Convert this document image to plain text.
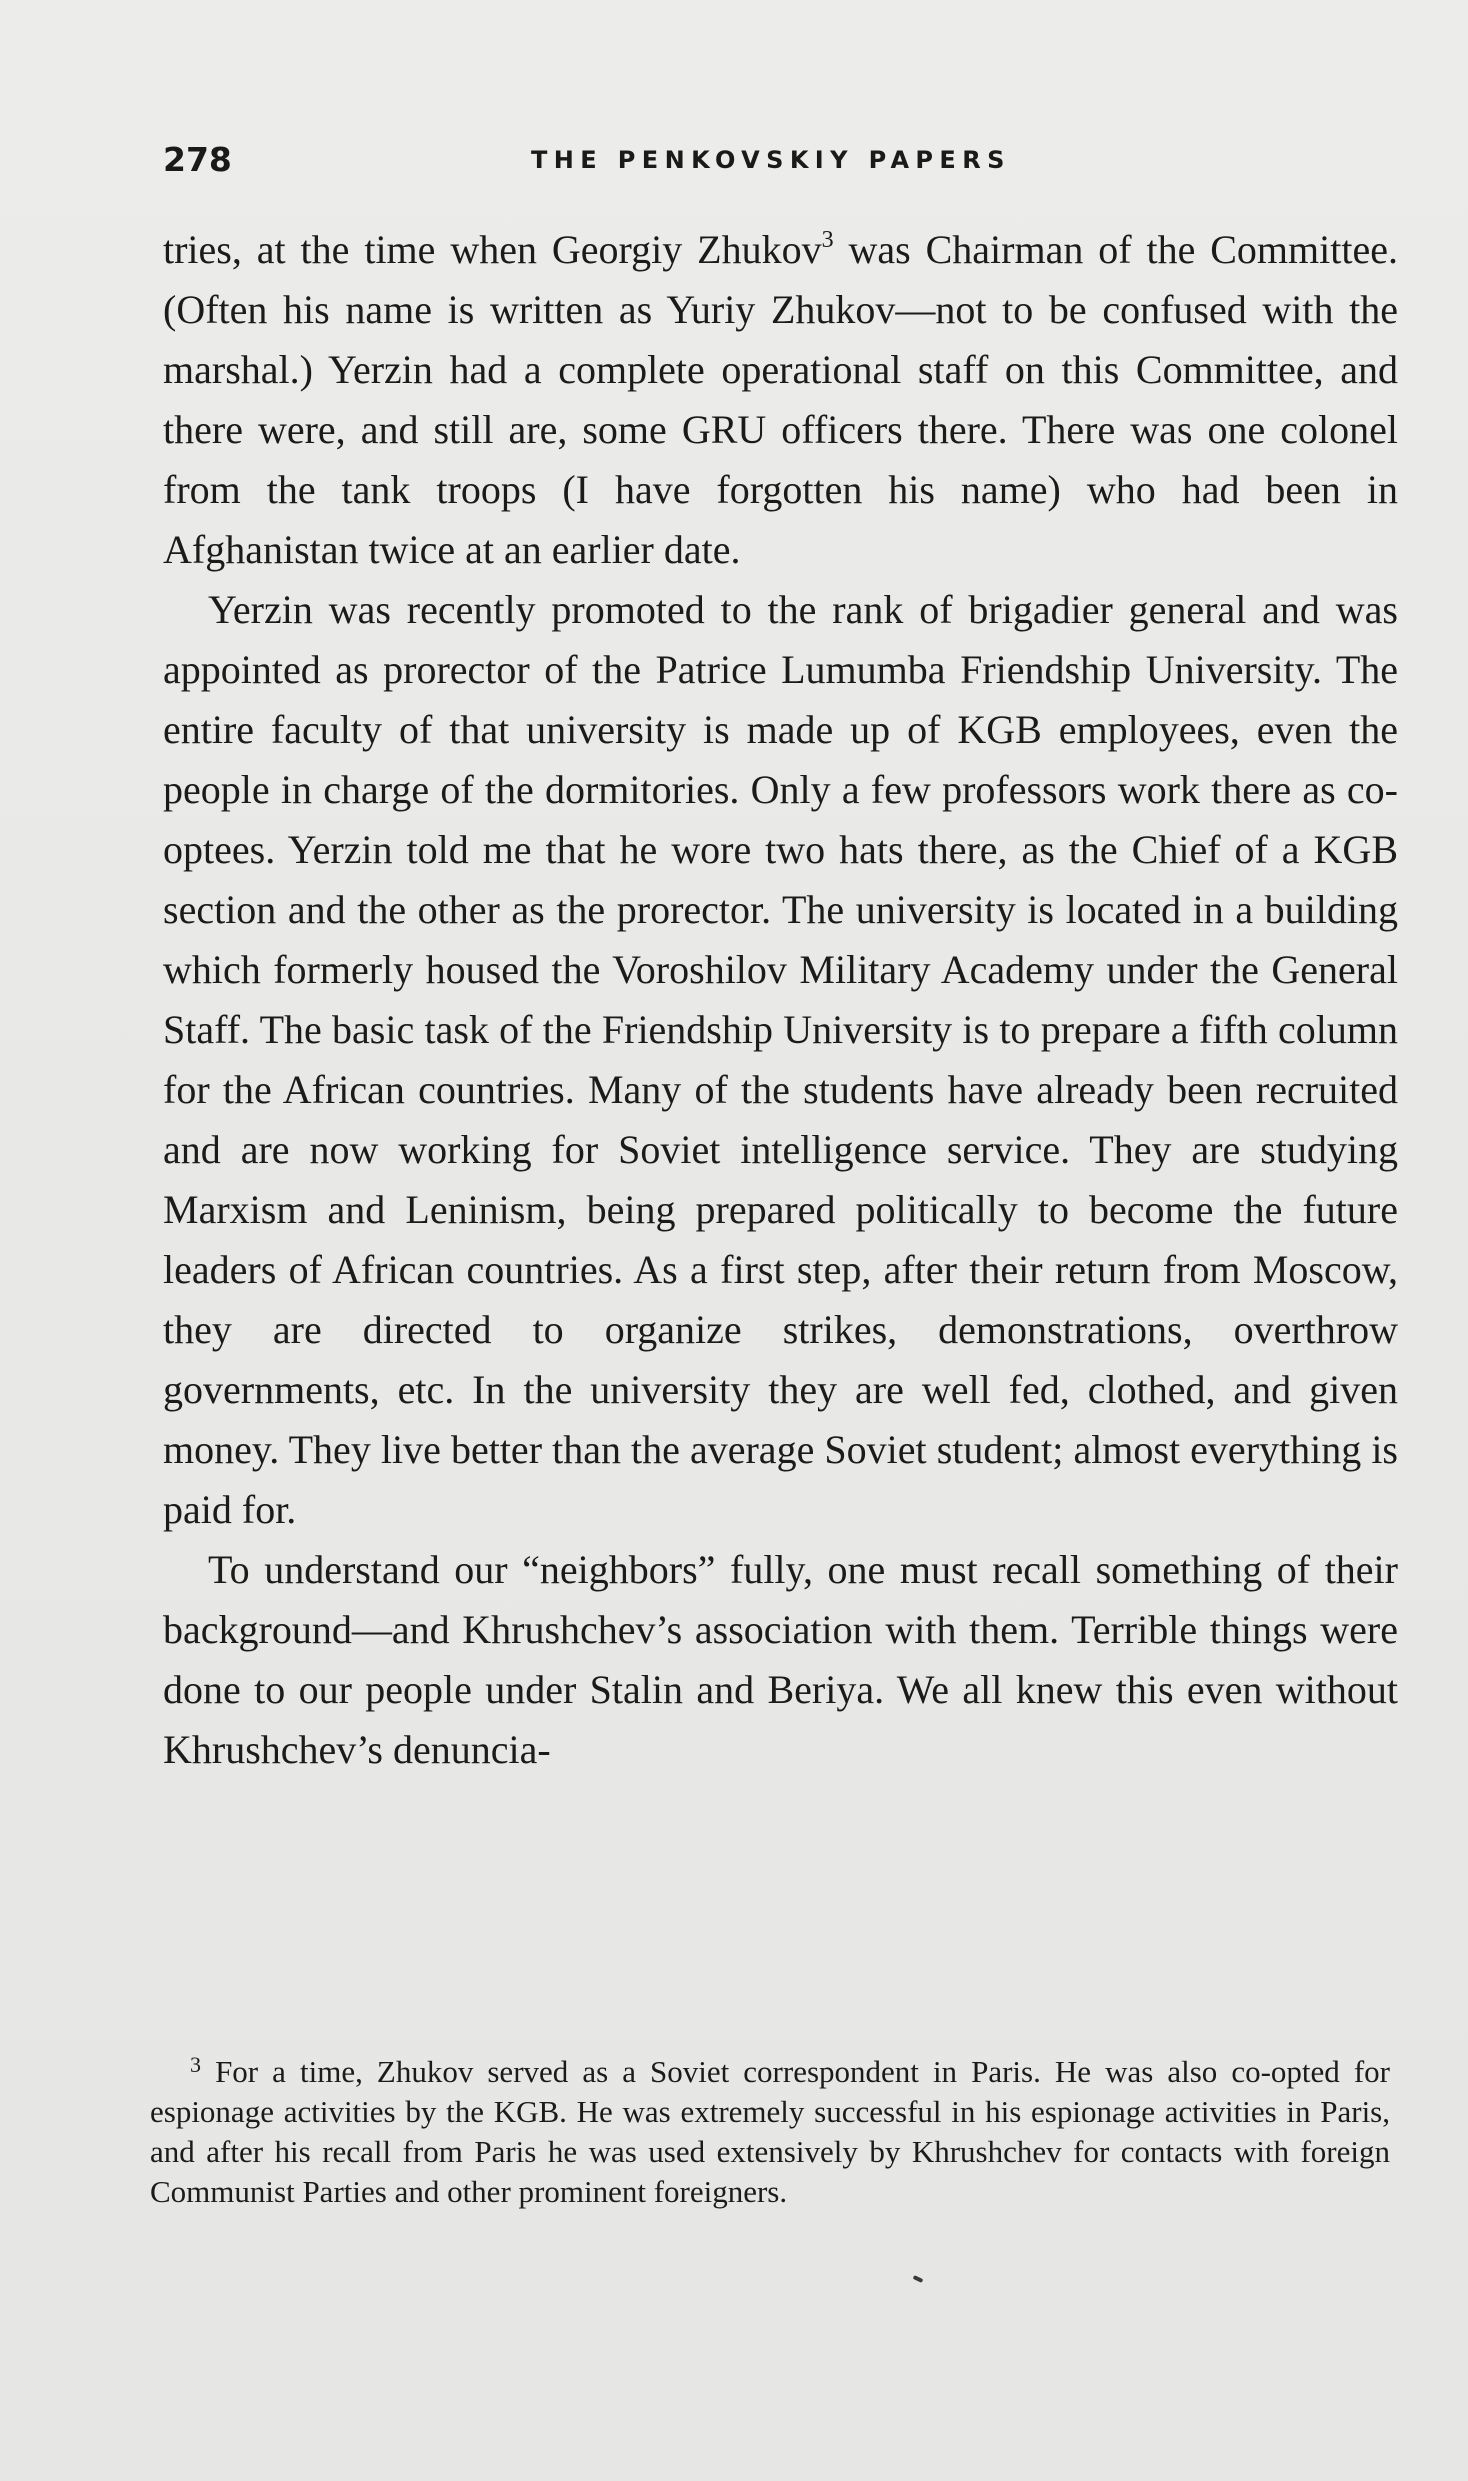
278	THE PENKOVSKIY PAPERS

tries, at the time when Georgiy Zhukov$^3$ was Chairman of the Committee. (Often his name is written as Yuriy Zhukov—not to be confused with the marshal.) Yerzin had a complete operational staff on this Committee, and there were, and still are, some GRU officers there. There was one colonel from the tank troops (I have forgotten his name) who had been in Afghanistan twice at an earlier date.

Yerzin was recently promoted to the rank of brigadier general and was appointed as prorector of the Patrice Lumumba Friendship University. The entire faculty of that university is made up of KGB employees, even the people in charge of the dormitories. Only a few professors work there as co-optees. Yerzin told me that he wore two hats there, as the Chief of a KGB section and the other as the prorector. The university is located in a building which formerly housed the Voroshilov Military Academy under the General Staff. The basic task of the Friendship University is to prepare a fifth column for the African countries. Many of the students have already been recruited and are now working for Soviet intelligence service. They are studying Marxism and Leninism, being prepared politically to become the future leaders of African countries. As a first step, after their return from Moscow, they are directed to organize strikes, demonstrations, overthrow governments, etc. In the university they are well fed, clothed, and given money. They live better than the average Soviet student; almost everything is paid for.

To understand our “neighbors” fully, one must recall something of their background—and Khrushchev’s association with them. Terrible things were done to our people under Stalin and Beriya. We all knew this even without Khrushchev’s denuncia-

$^3$ For a time, Zhukov served as a Soviet correspondent in Paris. He was also co-opted for espionage activities by the KGB. He was extremely successful in his espionage activities in Paris, and after his recall from Paris he was used extensively by Khrushchev for contacts with foreign Communist Parties and other prominent foreigners.
